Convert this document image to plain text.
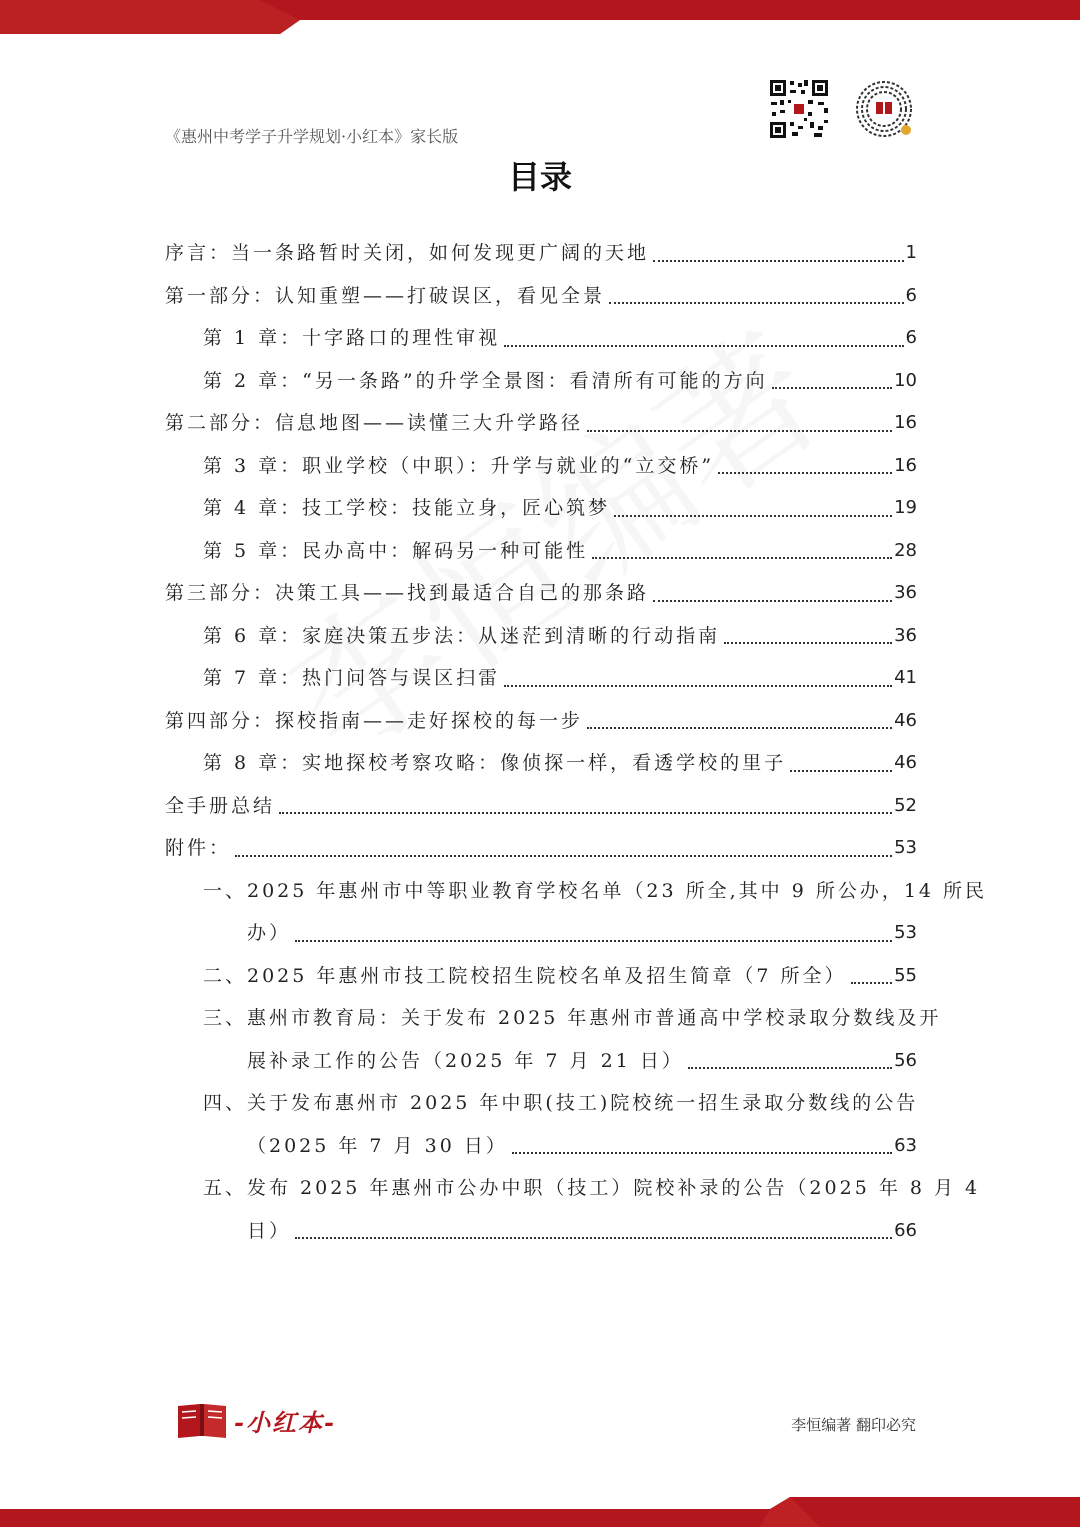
《惠州中考学子升学规划·小红本》家长版
目录
序言：当一条路暂时关闭，如何发现更广阔的天地	1
第一部分：认知重塑——打破误区，看见全景	6
第 1 章：十字路口的理性审视	6
第 2 章：“另一条路”的升学全景图：看清所有可能的方向	10
第二部分：信息地图——读懂三大升学路径	16
第 3 章：职业学校（中职）：升学与就业的“立交桥”	16
第 4 章：技工学校：技能立身，匠心筑梦	19
第 5 章：民办高中：解码另一种可能性	28
第三部分：决策工具——找到最适合自己的那条路	36
第 6 章：家庭决策五步法：从迷茫到清晰的行动指南	36
第 7 章：热门问答与误区扫雷	41
第四部分：探校指南——走好探校的每一步	46
第 8 章：实地探校考察攻略：像侦探一样，看透学校的里子	46
全手册总结	52
附件：	53
一、2025 年惠州市中等职业教育学校名单（23 所全,其中 9 所公办，14 所民
办）	53
二、2025 年惠州市技工院校招生院校名单及招生简章（7 所全）	55
三、惠州市教育局：关于发布 2025 年惠州市普通高中学校录取分数线及开
展补录工作的公告（2025 年 7 月 21 日）	56
四、关于发布惠州市 2025 年中职(技工)院校统一招生录取分数线的公告
（2025 年 7 月 30 日）	63
五、发布 2025 年惠州市公办中职（技工）院校补录的公告（2025 年 8 月 4
日）	66
-小红本-	李恒编著 翻印必究
